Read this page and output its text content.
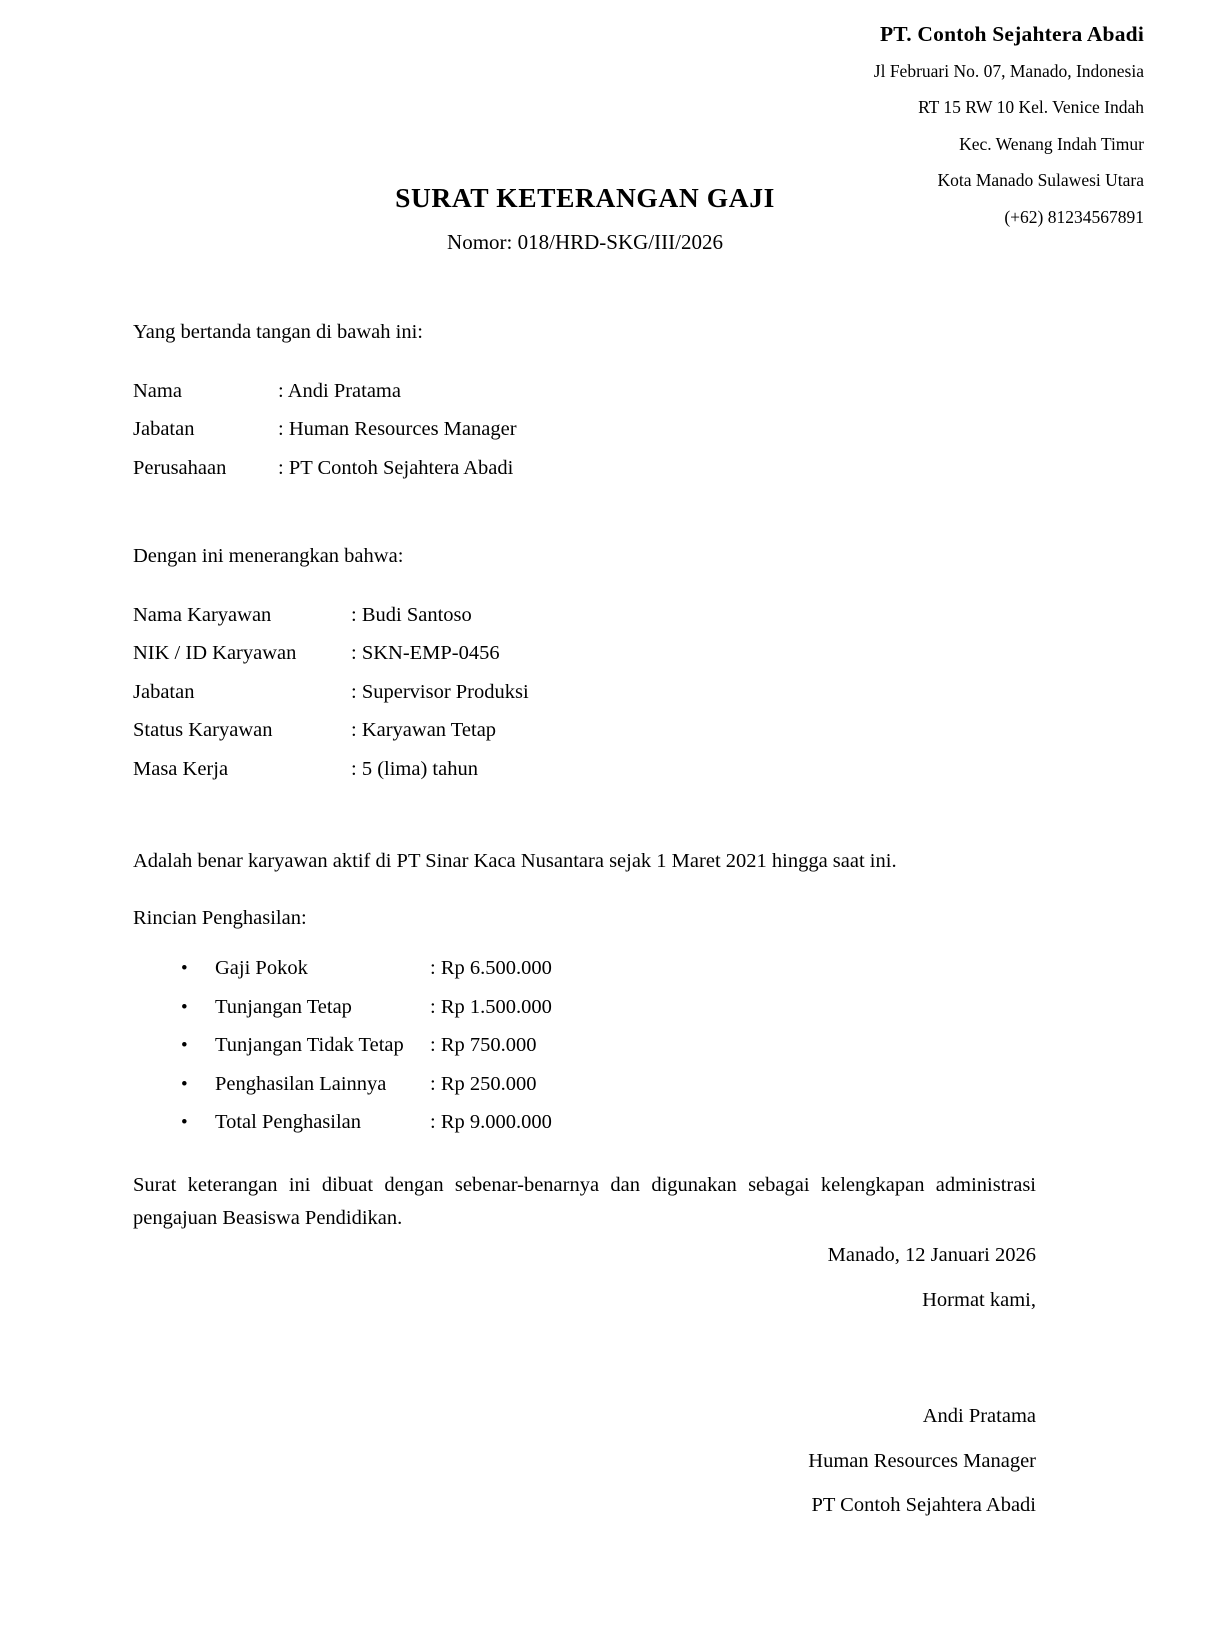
PT. Contoh Sejahtera Abadi
Jl Februari No. 07, Manado, Indonesia
RT 15 RW 10 Kel. Venice Indah
Kec. Wenang Indah Timur
Kota Manado Sulawesi Utara
(+62) 81234567891
SURAT KETERANGAN GAJI
Nomor: 018/HRD-SKG/III/2026
Yang bertanda tangan di bawah ini:
Nama	: Andi Pratama
Jabatan	: Human Resources Manager
Perusahaan	: PT Contoh Sejahtera Abadi
Dengan ini menerangkan bahwa:
Nama Karyawan	: Budi Santoso
NIK / ID Karyawan	: SKN-EMP-0456
Jabatan	: Supervisor Produksi
Status Karyawan	: Karyawan Tetap
Masa Kerja	: 5 (lima) tahun
Adalah benar karyawan aktif di PT Sinar Kaca Nusantara sejak 1 Maret 2021 hingga saat ini.
Rincian Penghasilan:
•	Gaji Pokok	: Rp 6.500.000
•	Tunjangan Tetap	: Rp 1.500.000
•	Tunjangan Tidak Tetap	: Rp 750.000
•	Penghasilan Lainnya	: Rp 250.000
•	Total Penghasilan	: Rp 9.000.000
Surat keterangan ini dibuat dengan sebenar-benarnya dan digunakan sebagai kelengkapan administrasi pengajuan Beasiswa Pendidikan.
Manado, 12 Januari 2026
Hormat kami,
Andi Pratama
Human Resources Manager
PT Contoh Sejahtera Abadi
